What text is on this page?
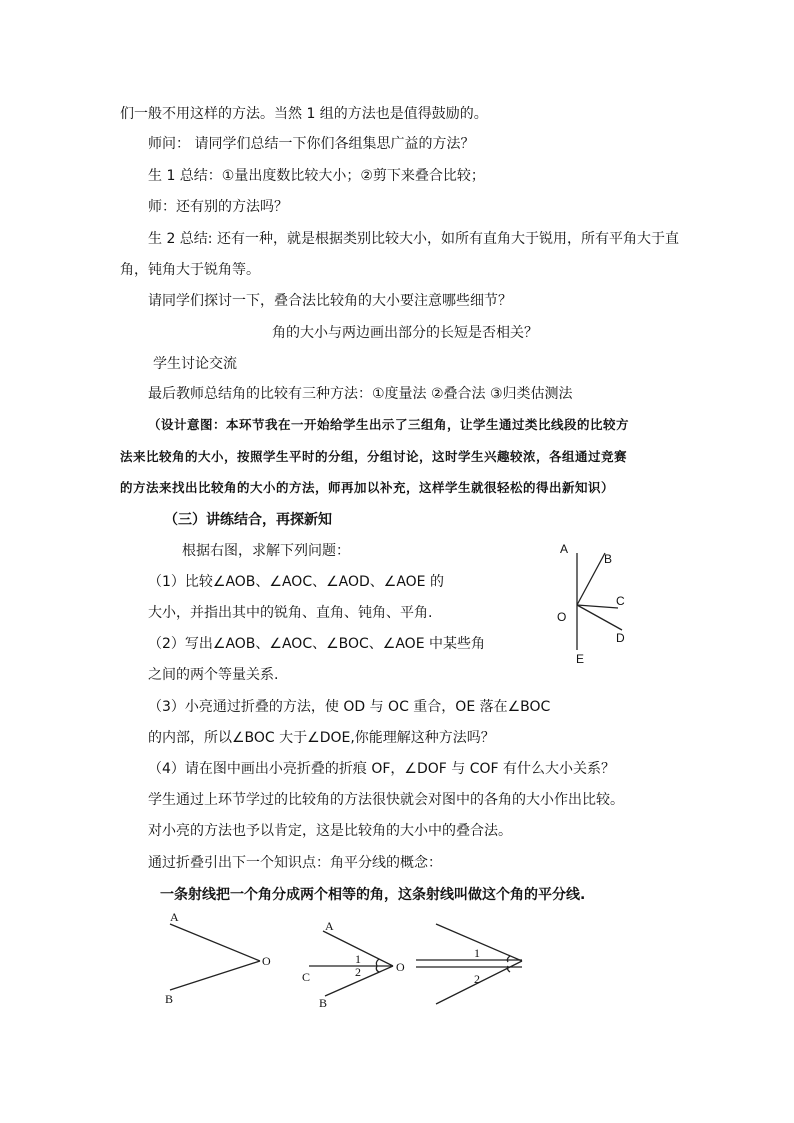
们一般不用这样的方法。当然 1 组的方法也是值得鼓励的。
师问： 请同学们总结一下你们各组集思广益的方法？
生 1 总结：①量出度数比较大小；②剪下来叠合比较；
师：还有别的方法吗？
生 2 总结: 还有一种，就是根据类别比较大小，如所有直角大于锐用，所有平角大于直
角，钝角大于锐角等。
请同学们探讨一下，叠合法比较角的大小要注意哪些细节？
角的大小与两边画出部分的长短是否相关？
学生讨论交流
最后教师总结角的比较有三种方法：①度量法 ②叠合法 ③归类估测法
（设计意图：本环节我在一开始给学生出示了三组角，让学生通过类比线段的比较方
法来比较角的大小，按照学生平时的分组，分组讨论，这时学生兴趣较浓，各组通过竞赛
的方法来找出比较角的大小的方法，师再加以补充，这样学生就很轻松的得出新知识）
（三）讲练结合，再探新知
根据右图，求解下列问题：
（1）比较∠AOB、∠AOC、∠AOD、∠AOE 的
大小，并指出其中的锐角、直角、钝角、平角.
（2）写出∠AOB、∠AOC、∠BOC、∠AOE 中某些角
之间的两个等量关系.
（3）小亮通过折叠的方法，使 OD 与 OC 重合，OE 落在∠BOC
的内部，所以∠BOC 大于∠DOE,你能理解这种方法吗？
（4）请在图中画出小亮折叠的折痕 OF，∠DOF 与 COF 有什么大小关系？
学生通过上环节学过的比较角的方法很快就会对图中的各角的大小作出比较。
对小亮的方法也予以肯定，这是比较角的大小中的叠合法。
通过折叠引出下一个知识点：角平分线的概念：
一条射线把一个角分成两个相等的角，这条射线叫做这个角的平分线.
A
B
C
O
D
E
A
O
B
A
C
B
O
1
2
1
2
